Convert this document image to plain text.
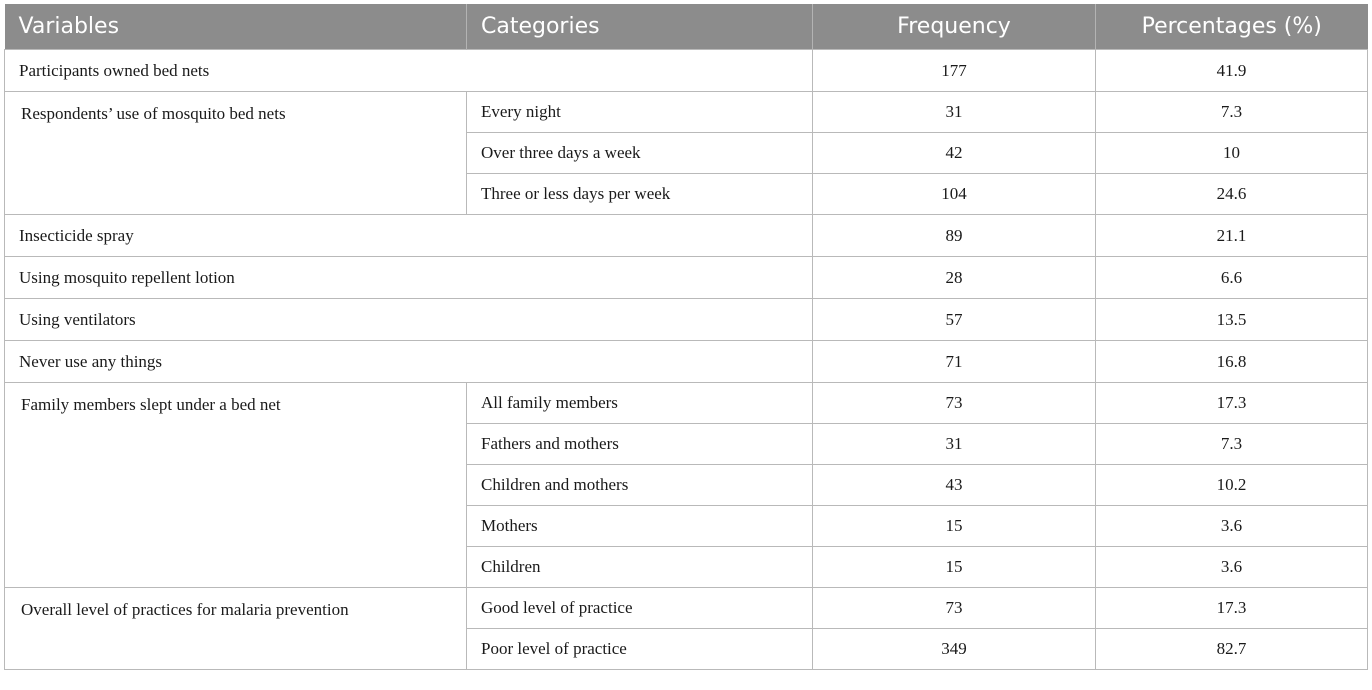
Variables	Categories	Frequency	Percentages (%)
Participants owned bed nets		177	41.9
Respondents’ use of mosquito bed nets	Every night	31	7.3
	Over three days a week	42	10
	Three or less days per week	104	24.6
Insecticide spray		89	21.1
Using mosquito repellent lotion		28	6.6
Using ventilators		57	13.5
Never use any things		71	16.8
Family members slept under a bed net	All family members	73	17.3
	Fathers and mothers	31	7.3
	Children and mothers	43	10.2
	Mothers	15	3.6
	Children	15	3.6
Overall level of practices for malaria prevention	Good level of practice	73	17.3
	Poor level of practice	349	82.7
